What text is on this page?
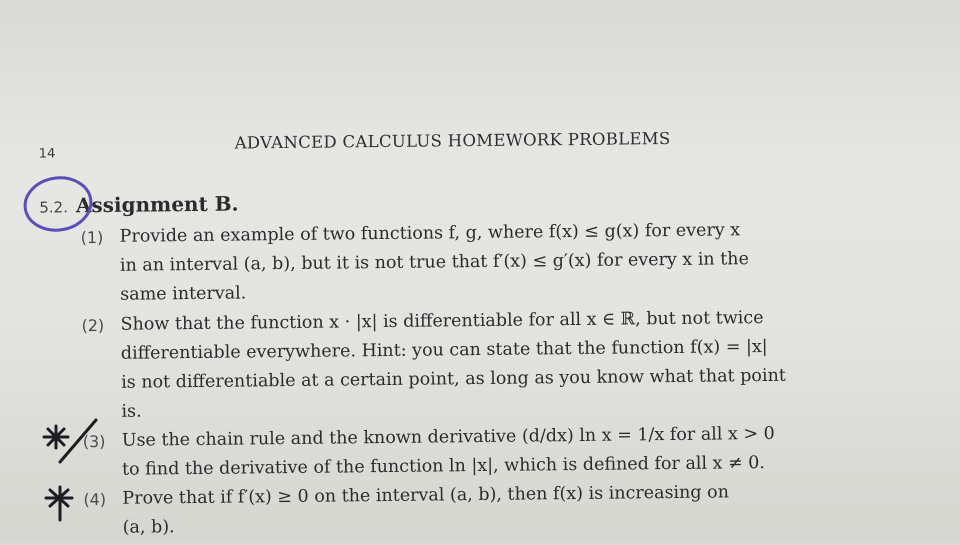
14
ADVANCED CALCULUS HOMEWORK PROBLEMS
5.2. Assignment B.
(1) Provide an example of two functions f, g, where f(x) ≤ g(x) for every x
in an interval (a, b), but it is not true that f′(x) ≤ g′(x) for every x in the
same interval.
(2) Show that the function x · |x| is differentiable for all x ∈ ℝ, but not twice
differentiable everywhere. Hint: you can state that the function f(x) = |x|
is not differentiable at a certain point, as long as you know what that point
is.
(3) Use the chain rule and the known derivative (d/dx) ln x = 1/x for all x > 0
to find the derivative of the function ln |x|, which is defined for all x ≠ 0.
(4) Prove that if f′(x) ≥ 0 on the interval (a, b), then f(x) is increasing on
(a, b).
